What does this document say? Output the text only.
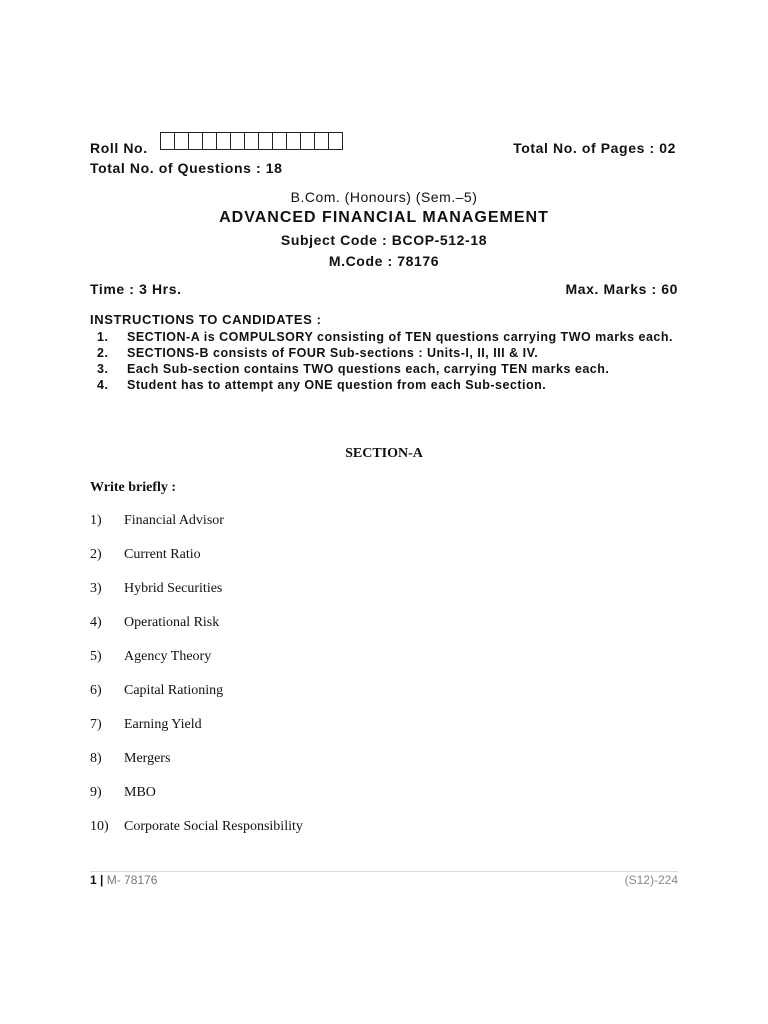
Roll No.	Total No. of Pages : 02
Total No. of Questions : 18
B.Com. (Honours) (Sem.–5)
ADVANCED FINANCIAL MANAGEMENT
Subject Code : BCOP-512-18
M.Code : 78176
Time : 3 Hrs.	Max. Marks : 60
INSTRUCTIONS TO CANDIDATES :
1.	SECTION-A is COMPULSORY consisting of TEN questions carrying TWO marks each.
2.	SECTIONS-B consists of FOUR Sub-sections : Units-I, II, III & IV.
3.	Each Sub-section contains TWO questions each, carrying TEN marks each.
4.	Student has to attempt any ONE question from each Sub-section.
SECTION-A
Write briefly :
1)	Financial Advisor
2)	Current Ratio
3)	Hybrid Securities
4)	Operational Risk
5)	Agency Theory
6)	Capital Rationing
7)	Earning Yield
8)	Mergers
9)	MBO
10)	Corporate Social Responsibility
1 | M- 78176	(S12)-224
